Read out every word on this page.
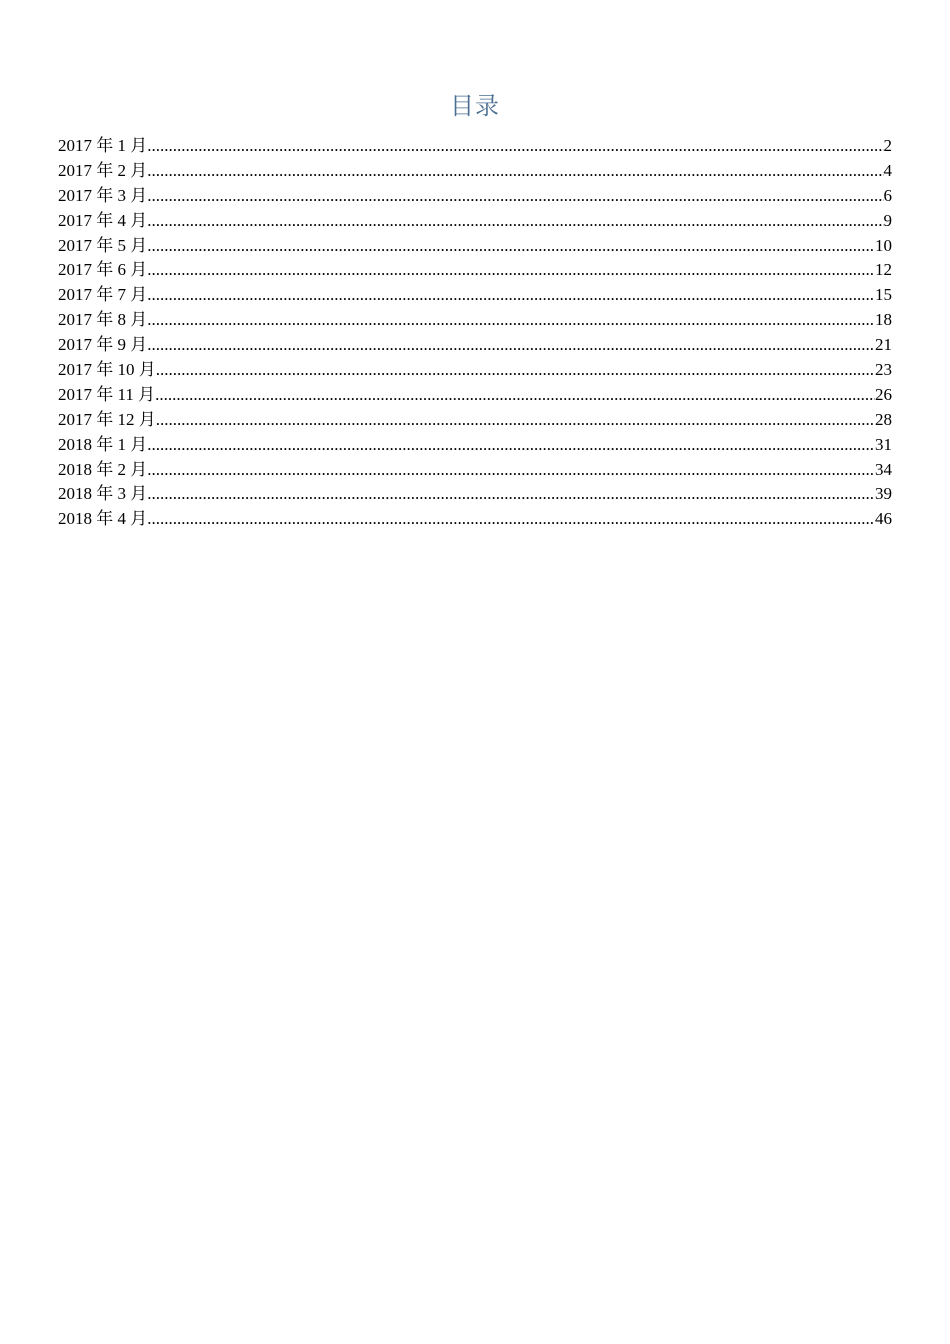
目录
2017 年 1 月 .....	2
2017 年 2 月 .....	4
2017 年 3 月 .....	6
2017 年 4 月 .....	9
2017 年 5 月 .....	10
2017 年 6 月 .....	12
2017 年 7 月 .....	15
2017 年 8 月 .....	18
2017 年 9 月 .....	21
2017 年 10 月 .....	23
2017 年 11 月 .....	26
2017 年 12 月 .....	28
2018 年 1 月 .....	31
2018 年 2 月 .....	34
2018 年 3 月 .....	39
2018 年 4 月 .....	46
